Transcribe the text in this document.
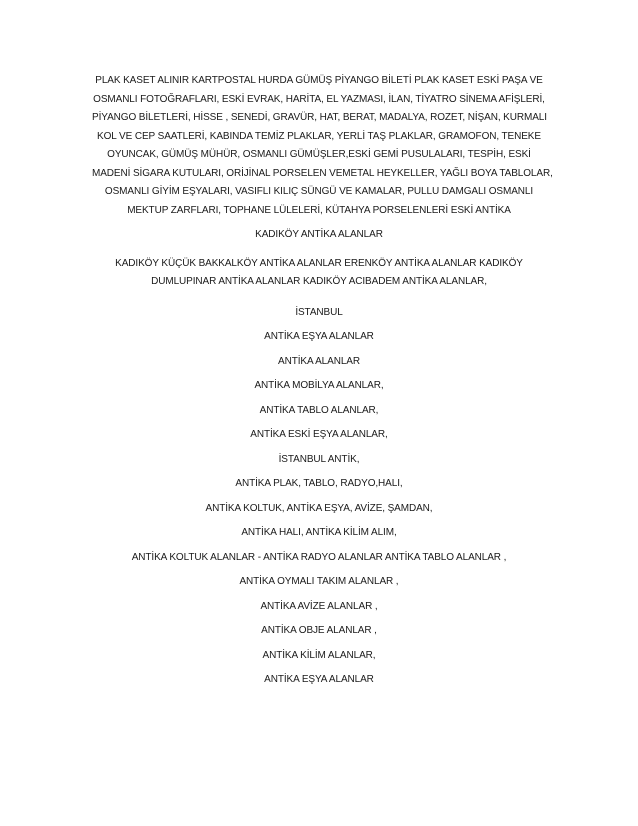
PLAK KASET ALINIR KARTPOSTAL HURDA GÜMÜŞ PİYANGO BİLETİ PLAK KASET ESKİ PAŞA VE
OSMANLI FOTOĞRAFLARI, ESKİ EVRAK, HARİTA, EL YAZMASI, İLAN, TİYATRO SİNEMA AFİŞLERİ,
PİYANGO BİLETLERİ, HİSSE , SENEDİ, GRAVÜR, HAT, BERAT, MADALYA, ROZET, NİŞAN, KURMALI
KOL VE CEP SAATLERİ, KABINDA TEMİZ PLAKLAR, YERLİ TAŞ PLAKLAR, GRAMOFON, TENEKE
OYUNCAK, GÜMÜŞ MÜHÜR, OSMANLI GÜMÜŞLER,ESKİ GEMİ PUSULALARI, TESPİH, ESKİ
MADENİ SİGARA KUTULARI, ORİJİNAL PORSELEN VEMETAL HEYKELLER, YAĞLI BOYA TABLOLAR,
OSMANLI GİYİM EŞYALARI, VASIFLI KILIÇ SÜNGÜ VE KAMALAR, PULLU DAMGALI OSMANLI
MEKTUP ZARFLARI, TOPHANE LÜLELERİ, KÜTAHYA PORSELENLERİ ESKİ ANTİKA

KADIKÖY ANTİKA ALANLAR

KADIKÖY KÜÇÜK BAKKALKÖY ANTİKA ALANLAR ERENKÖY ANTİKA ALANLAR KADIKÖY
DUMLUPINAR ANTİKA ALANLAR KADIKÖY ACIBADEM ANTİKA ALANLAR,

İSTANBUL

ANTİKA EŞYA ALANLAR

ANTİKA ALANLAR

ANTİKA MOBİLYA ALANLAR,

ANTİKA TABLO ALANLAR,

ANTİKA ESKİ EŞYA ALANLAR,

İSTANBUL ANTİK,

ANTİKA PLAK, TABLO, RADYO,HALI,

ANTİKA KOLTUK, ANTİKA EŞYA, AVİZE, ŞAMDAN,

ANTİKA HALI, ANTİKA KİLİM ALIM,

ANTİKA KOLTUK ALANLAR - ANTİKA RADYO ALANLAR ANTİKA TABLO ALANLAR ,

ANTİKA OYMALI TAKIM ALANLAR ,

ANTİKA AVİZE ALANLAR ,

ANTİKA OBJE ALANLAR ,

ANTİKA KİLİM ALANLAR,

ANTİKA EŞYA ALANLAR
